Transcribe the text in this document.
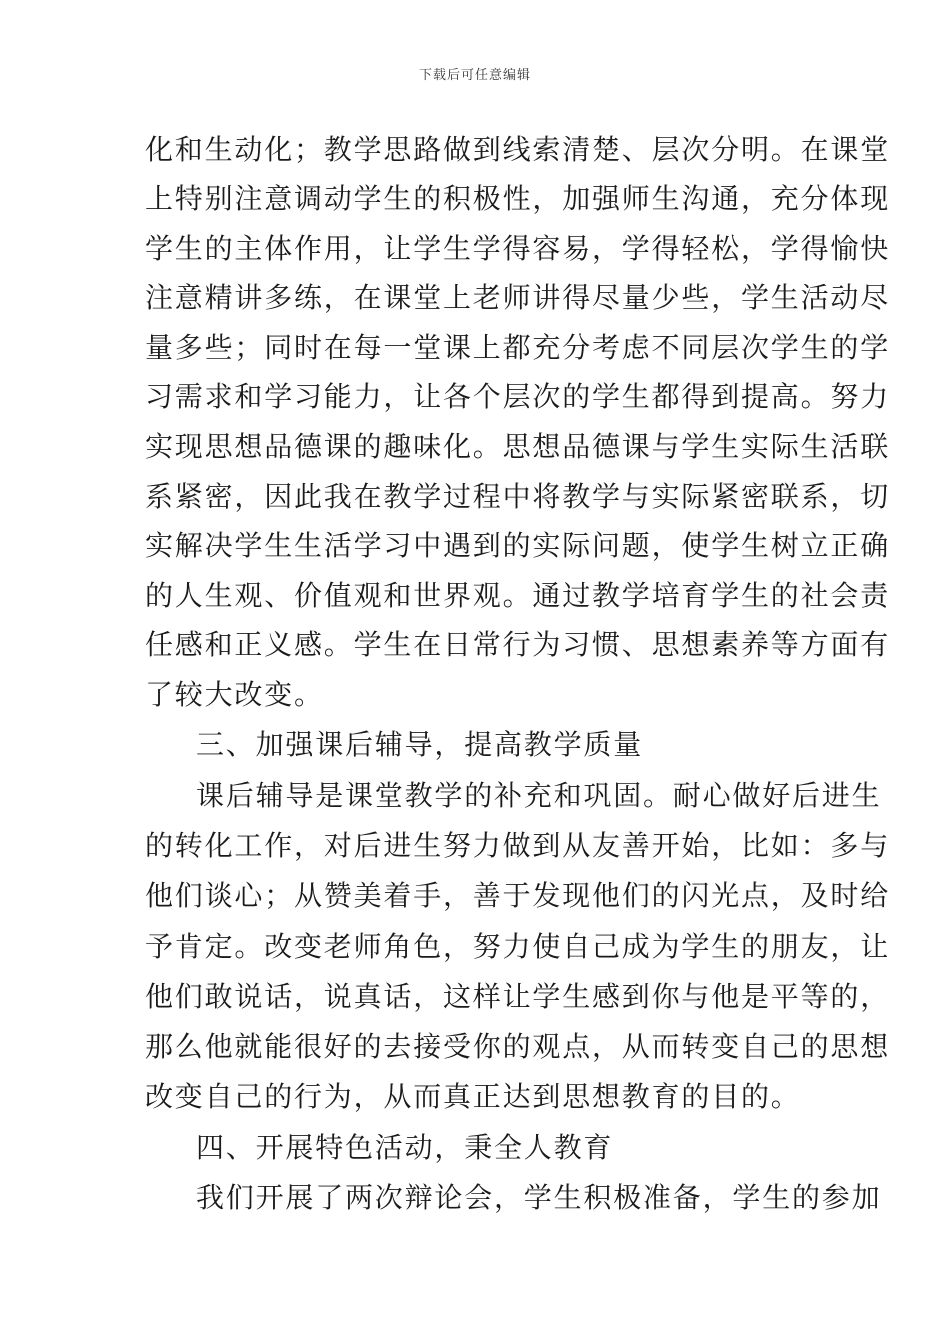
下载后可任意编辑
化和生动化；教学思路做到线索清楚、层次分明。在课堂
上特别注意调动学生的积极性，加强师生沟通，充分体现
学生的主体作用，让学生学得容易，学得轻松，学得愉快
注意精讲多练，在课堂上老师讲得尽量少些，学生活动尽
量多些；同时在每一堂课上都充分考虑不同层次学生的学
习需求和学习能力，让各个层次的学生都得到提高。努力
实现思想品德课的趣味化。思想品德课与学生实际生活联
系紧密，因此我在教学过程中将教学与实际紧密联系，切
实解决学生生活学习中遇到的实际问题，使学生树立正确
的人生观、价值观和世界观。通过教学培育学生的社会责
任感和正义感。学生在日常行为习惯、思想素养等方面有
了较大改变。
三、加强课后辅导，提高教学质量
课后辅导是课堂教学的补充和巩固。耐心做好后进生
的转化工作，对后进生努力做到从友善开始，比如：多与
他们谈心；从赞美着手，善于发现他们的闪光点，及时给
予肯定。改变老师角色，努力使自己成为学生的朋友，让
他们敢说话，说真话，这样让学生感到你与他是平等的，
那么他就能很好的去接受你的观点，从而转变自己的思想
改变自己的行为，从而真正达到思想教育的目的。
四、开展特色活动，秉全人教育
我们开展了两次辩论会，学生积极准备，学生的参加
